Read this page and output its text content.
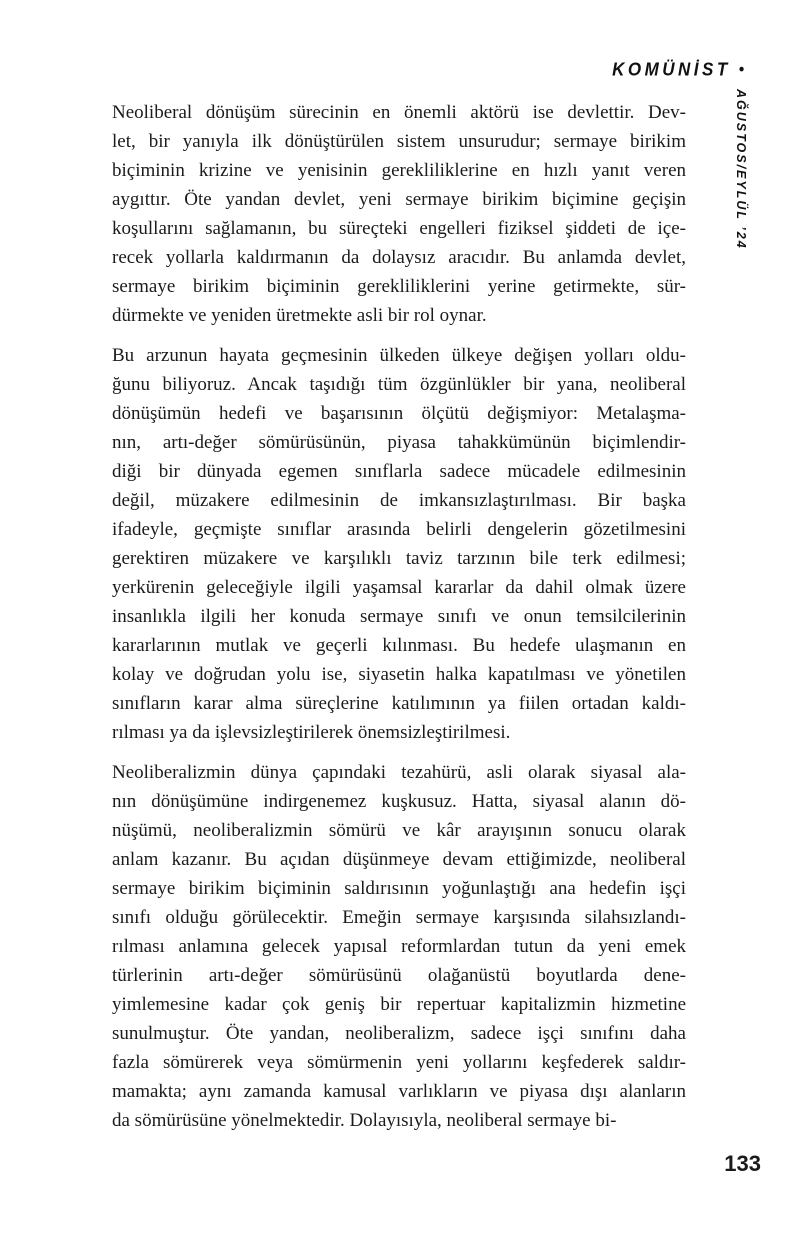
KOMÜNİST •
AĞUSTOS/EYLÜL ’24
Neoliberal dönüşüm sürecinin en önemli aktörü ise devlettir. Dev-
let, bir yanıyla ilk dönüştürülen sistem unsurudur; sermaye birikim
biçiminin krizine ve yenisinin gerekliliklerine en hızlı yanıt veren
aygıttır. Öte yandan devlet, yeni sermaye birikim biçimine geçişin
koşullarını sağlamanın, bu süreçteki engelleri fiziksel şiddeti de içe-
recek yollarla kaldırmanın da dolaysız aracıdır. Bu anlamda devlet,
sermaye birikim biçiminin gerekliliklerini yerine getirmekte, sür-
dürmekte ve yeniden üretmekte asli bir rol oynar.
Bu arzunun hayata geçmesinin ülkeden ülkeye değişen yolları oldu-
ğunu biliyoruz. Ancak taşıdığı tüm özgünlükler bir yana, neoliberal
dönüşümün hedefi ve başarısının ölçütü değişmiyor: Metalaşma-
nın, artı-değer sömürüsünün, piyasa tahakkümünün biçimlendir-
diği bir dünyada egemen sınıflarla sadece mücadele edilmesinin
değil, müzakere edilmesinin de imkansızlaştırılması. Bir başka
ifadeyle, geçmişte sınıflar arasında belirli dengelerin gözetilmesini
gerektiren müzakere ve karşılıklı taviz tarzının bile terk edilmesi;
yerkürenin geleceğiyle ilgili yaşamsal kararlar da dahil olmak üzere
insanlıkla ilgili her konuda sermaye sınıfı ve onun temsilcilerinin
kararlarının mutlak ve geçerli kılınması. Bu hedefe ulaşmanın en
kolay ve doğrudan yolu ise, siyasetin halka kapatılması ve yönetilen
sınıfların karar alma süreçlerine katılımının ya fiilen ortadan kaldı-
rılması ya da işlevsizleştirilerek önemsizleştirilmesi.
Neoliberalizmin dünya çapındaki tezahürü, asli olarak siyasal ala-
nın dönüşümüne indirgenemez kuşkusuz. Hatta, siyasal alanın dö-
nüşümü, neoliberalizmin sömürü ve kâr arayışının sonucu olarak
anlam kazanır. Bu açıdan düşünmeye devam ettiğimizde, neoliberal
sermaye birikim biçiminin saldırısının yoğunlaştığı ana hedefin işçi
sınıfı olduğu görülecektir. Emeğin sermaye karşısında silahsızlandı-
rılması anlamına gelecek yapısal reformlardan tutun da yeni emek
türlerinin artı-değer sömürüsünü olağanüstü boyutlarda dene-
yimlemesine kadar çok geniş bir repertuar kapitalizmin hizmetine
sunulmuştur. Öte yandan, neoliberalizm, sadece işçi sınıfını daha
fazla sömürerek veya sömürmenin yeni yollarını keşfederek saldır-
mamakta; aynı zamanda kamusal varlıkların ve piyasa dışı alanların
da sömürüsüne yönelmektedir. Dolayısıyla, neoliberal sermaye bi-
133
